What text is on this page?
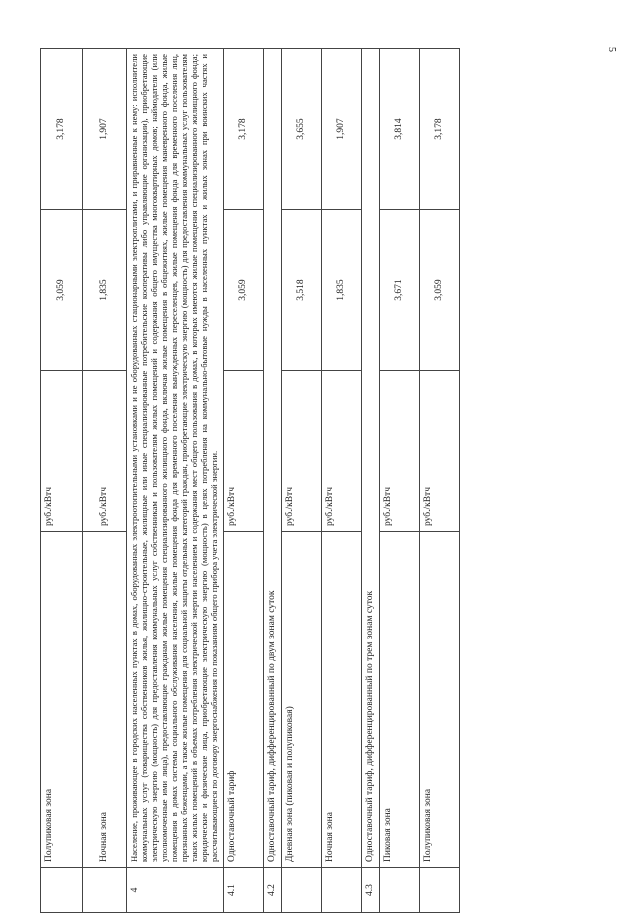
5
	Полупиковая зона	руб./кВтч	3,059	3,178
	Ночная зона	руб./кВтч	1,835	1,907
4	Население, проживающее в городских населенных пунктах в домах, оборудованных электроотопительными установками и не оборудованных стационарными электроплитами, и приравненные к нему: исполнители коммунальных услуг (товарищества собственников жилья, жилищно-строительные, жилищные или иные специализированные потребительские кооперативы либо управляющие организации), приобретающие электрическую энергию (мощность) для предоставления коммунальных услуг собственникам и пользователям жилых помещений и содержания общего имущества многоквартирных домов; наймодатели (или уполномоченные ими лица), предоставляющие гражданам жилые помещения специализированного жилищного фонда, включая жилые помещения в общежитиях, жилые помещения маневренного фонда, жилые помещения в домах системы социального обслуживания населения, жилые помещения фонда для временного поселения вынужденных переселенцев, жилые помещения фонда для временного поселения лиц, признанных беженцами, а также жилые помещения для социальной защиты отдельных категорий граждан, приобретающие электрическую энергию (мощность) для предоставления коммунальных услуг пользователям таких жилых помещений в объемах потребления электрической энергии населением и содержания мест общего пользования в домах, в которых имеются жилые помещения специализированного жилищного фонда; юридические и физические лица, приобретающие электрическую энергию (мощность) в целях потребления на коммунально-бытовые нужды в населенных пунктах и жилых зонах при воинских частях и рассчитывающиеся по договору энергоснабжения по показаниям общего прибора учета электрической энергии.			
4.1	Одноставочный тариф	руб./кВтч	3,059	3,178
4.2	Одноставочный тариф, дифференцированный по двум зонам суток			
	Дневная зона (пиковая и полупиковая)	руб./кВтч	3,518	3,655
	Ночная зона	руб./кВтч	1,835	1,907
4.3	Одноставочный тариф, дифференцированный по трем зонам суток			
	Пиковая зона	руб./кВтч	3,671	3,814
	Полупиковая зона	руб./кВтч	3,059	3,178
